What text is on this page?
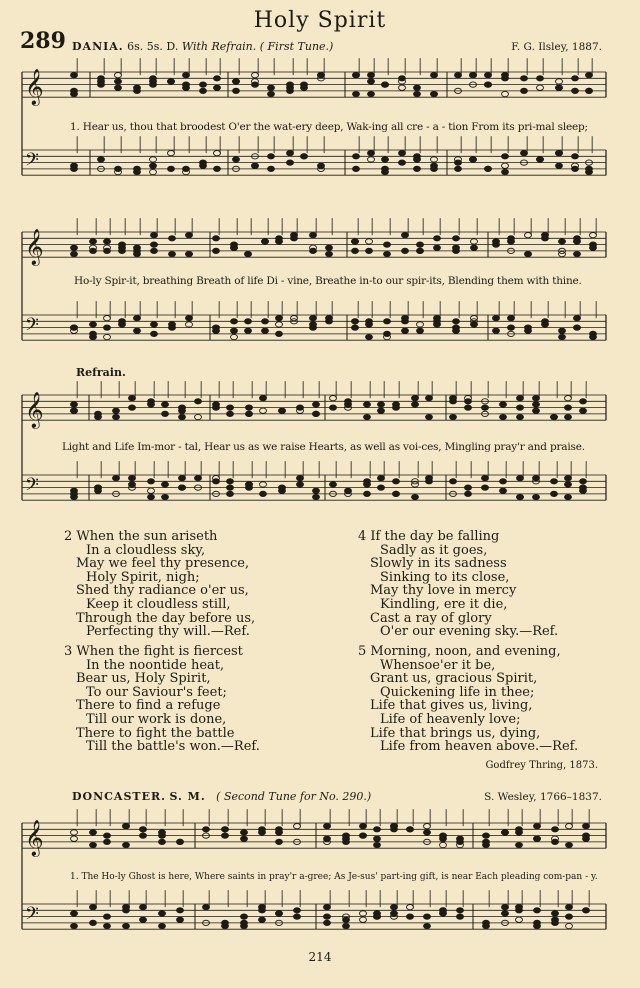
Holy Spirit
289 DANIA. 6s. 5s. D. With Refrain. ( First Tune.)	F. G. Ilsley, 1887.
𝄞
𝄢
𝄞
𝄢
𝄞
𝄢
𝄞
𝄢
1. Hear us, thou that broodest O'er the wat-ery deep, Wak-ing all cre - a - tion From its pri-mal sleep;
Ho-ly Spir-it, breathing Breath of life Di - vine, Breathe in-to our spir-its, Blending them with thine.
Refrain.
Light and Life Im-mor - tal, Hear us as we raise Hearts, as well as voi-ces, Mingling pray'r and praise.
2 When the sun ariseth
In a cloudless sky,
May we feel thy presence,
Holy Spirit, nigh;
Shed thy radiance o'er us,
Keep it cloudless still,
Through the day before us,
Perfecting thy will.—Ref.
3 When the fight is fiercest
In the noontide heat,
Bear us, Holy Spirit,
To our Saviour's feet;
There to find a refuge
Till our work is done,
There to fight the battle
Till the battle's won.—Ref.
4 If the day be falling
Sadly as it goes,
Slowly in its sadness
Sinking to its close,
May thy love in mercy
Kindling, ere it die,
Cast a ray of glory
O'er our evening sky.—Ref.
5 Morning, noon, and evening,
Whensoe'er it be,
Grant us, gracious Spirit,
Quickening life in thee;
Life that gives us, living,
Life of heavenly love;
Life that brings us, dying,
Life from heaven above.—Ref.
Godfrey Thring, 1873.
DONCASTER. S. M. ( Second Tune for No. 290.)	S. Wesley, 1766–1837.
1. The Ho-ly Ghost is here, Where saints in pray'r a-gree; As Je-sus' part-ing gift, is near Each pleading com-pan - y.
214
